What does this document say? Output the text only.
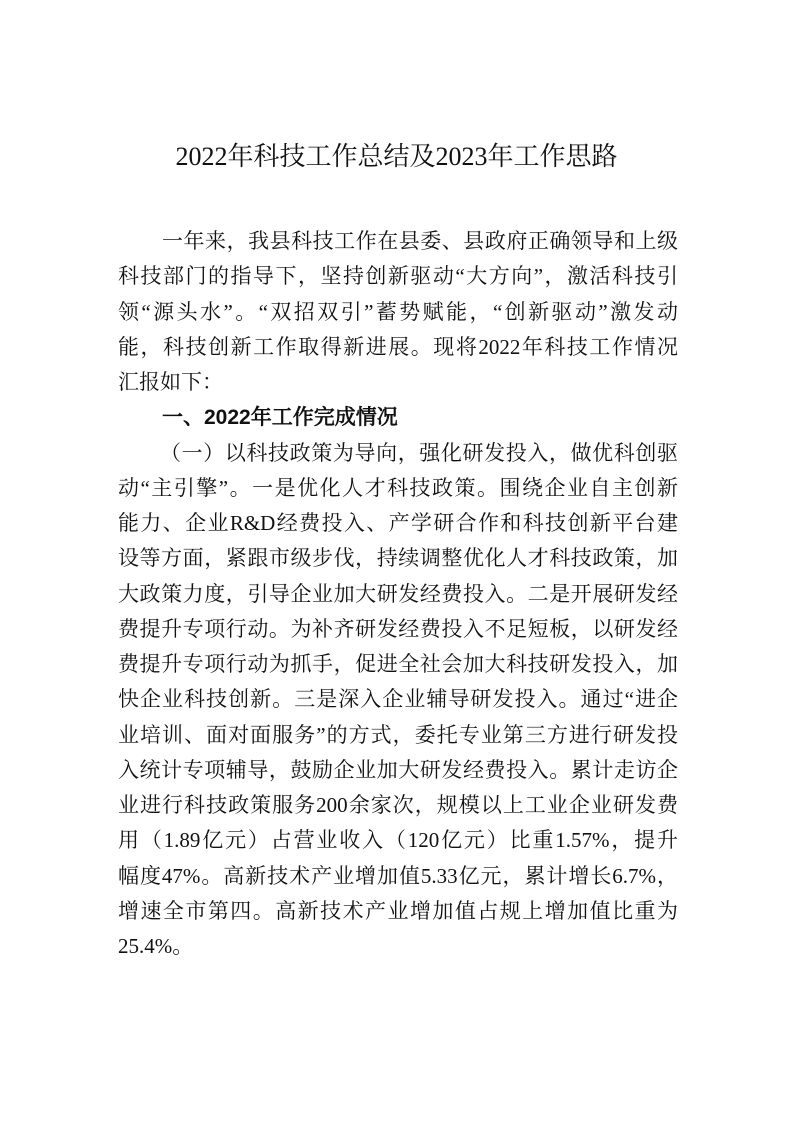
2022年科技工作总结及2023年工作思路
一年来，我县科技工作在县委、县政府正确领导和上级
科技部门的指导下，坚持创新驱动“大方向”，激活科技引
领“源头水”。“双招双引”蓄势赋能，“创新驱动”激发动
能，科技创新工作取得新进展。现将2022年科技工作情况
汇报如下：
一、2022年工作完成情况
（一）以科技政策为导向，强化研发投入，做优科创驱
动“主引擎”。一是优化人才科技政策。围绕企业自主创新
能力、企业R&D经费投入、产学研合作和科技创新平台建
设等方面，紧跟市级步伐，持续调整优化人才科技政策，加
大政策力度，引导企业加大研发经费投入。二是开展研发经
费提升专项行动。为补齐研发经费投入不足短板，以研发经
费提升专项行动为抓手，促进全社会加大科技研发投入，加
快企业科技创新。三是深入企业辅导研发投入。通过“进企
业培训、面对面服务”的方式，委托专业第三方进行研发投
入统计专项辅导，鼓励企业加大研发经费投入。累计走访企
业进行科技政策服务200余家次，规模以上工业企业研发费
用（1.89亿元）占营业收入（120亿元）比重1.57%，提升
幅度47%。高新技术产业增加值5.33亿元，累计增长6.7%，
增速全市第四。高新技术产业增加值占规上增加值比重为
25.4%。
